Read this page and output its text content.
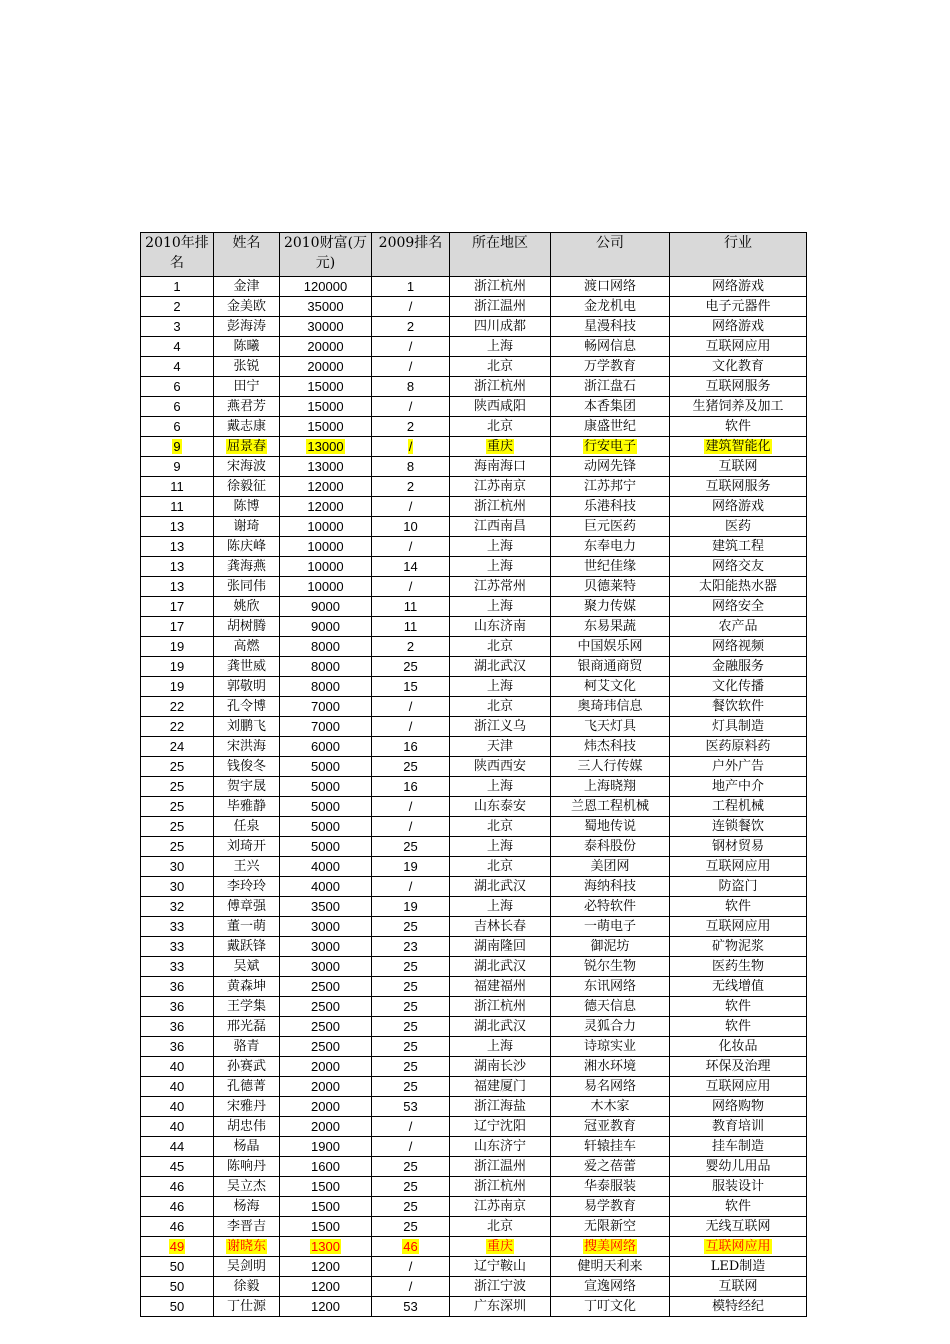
2010年排名	姓名	2010财富(万元)	2009排名	所在地区	公司	行业
1	金津	120000	1	浙江杭州	渡口网络	网络游戏
2	金美欧	35000	/	浙江温州	金龙机电	电子元器件
3	彭海涛	30000	2	四川成都	星漫科技	网络游戏
4	陈曦	20000	/	上海	畅网信息	互联网应用
4	张锐	20000	/	北京	万学教育	文化教育
6	田宁	15000	8	浙江杭州	浙江盘石	互联网服务
6	燕君芳	15000	/	陕西咸阳	本香集团	生猪饲养及加工
6	戴志康	15000	2	北京	康盛世纪	软件
9	屈景春	13000	/	重庆	行安电子	建筑智能化
9	宋海波	13000	8	海南海口	动网先锋	互联网
11	徐毅征	12000	2	江苏南京	江苏邦宁	互联网服务
11	陈博	12000	/	浙江杭州	乐港科技	网络游戏
13	谢琦	10000	10	江西南昌	巨元医药	医药
13	陈庆峰	10000	/	上海	东奉电力	建筑工程
13	龚海燕	10000	14	上海	世纪佳缘	网络交友
13	张同伟	10000	/	江苏常州	贝德莱特	太阳能热水器
17	姚欣	9000	11	上海	聚力传媒	网络安全
17	胡树腾	9000	11	山东济南	东易果蔬	农产品
19	高燃	8000	2	北京	中国娱乐网	网络视频
19	龚世威	8000	25	湖北武汉	银商通商贸	金融服务
19	郭敬明	8000	15	上海	柯艾文化	文化传播
22	孔令博	7000	/	北京	奥琦玮信息	餐饮软件
22	刘鹏飞	7000	/	浙江义乌	飞天灯具	灯具制造
24	宋洪海	6000	16	天津	炜杰科技	医药原料药
25	钱俊冬	5000	25	陕西西安	三人行传媒	户外广告
25	贺宇晟	5000	16	上海	上海晓翔	地产中介
25	毕雅静	5000	/	山东泰安	兰恩工程机械	工程机械
25	任泉	5000	/	北京	蜀地传说	连锁餐饮
25	刘琦开	5000	25	上海	泰科股份	钢材贸易
30	王兴	4000	19	北京	美团网	互联网应用
30	李玲玲	4000	/	湖北武汉	海纳科技	防盗门
32	傅章强	3500	19	上海	必特软件	软件
33	董一萌	3000	25	吉林长春	一萌电子	互联网应用
33	戴跃锋	3000	23	湖南隆回	御泥坊	矿物泥浆
33	吴斌	3000	25	湖北武汉	锐尔生物	医药生物
36	黄森坤	2500	25	福建福州	东讯网络	无线增值
36	王学集	2500	25	浙江杭州	德天信息	软件
36	邢光磊	2500	25	湖北武汉	灵狐合力	软件
36	骆青	2500	25	上海	诗琼实业	化妆品
40	孙赛武	2000	25	湖南长沙	湘水环境	环保及治理
40	孔德菁	2000	25	福建厦门	易名网络	互联网应用
40	宋雅丹	2000	53	浙江海盐	木木家	网络购物
40	胡忠伟	2000	/	辽宁沈阳	冠亚教育	教育培训
44	杨晶	1900	/	山东济宁	轩辕挂车	挂车制造
45	陈响丹	1600	25	浙江温州	爱之蓓蕾	婴幼儿用品
46	吴立杰	1500	25	浙江杭州	华泰服装	服装设计
46	杨海	1500	25	江苏南京	易学教育	软件
46	李晋吉	1500	25	北京	无限新空	无线互联网
49	谢晓东	1300	46	重庆	搜美网络	互联网应用
50	吴剑明	1200	/	辽宁鞍山	健明天利来	LED制造
50	徐毅	1200	/	浙江宁波	宣逸网络	互联网
50	丁仕源	1200	53	广东深圳	丁叮文化	模特经纪
